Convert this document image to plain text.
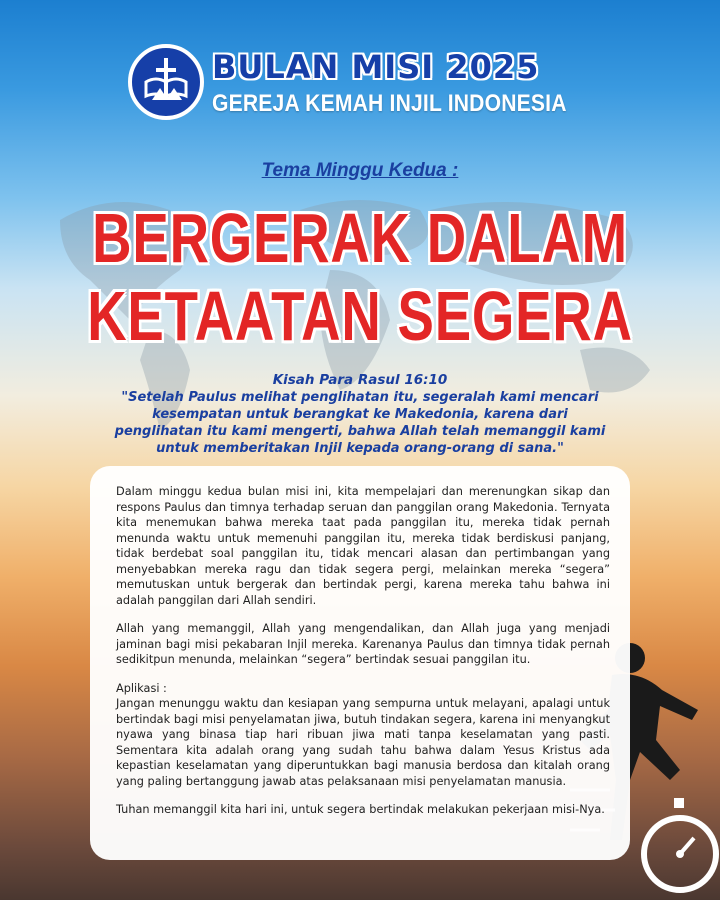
BULAN MISI 2025
GEREJA KEMAH INJIL INDONESIA
Tema Minggu Kedua :
BERGERAK DALAM
KETAATAN SEGERA
Kisah Para Rasul 16:10
"Setelah Paulus melihat penglihatan itu, segeralah kami mencari
kesempatan untuk berangkat ke Makedonia, karena dari
penglihatan itu kami mengerti, bahwa Allah telah memanggil kami
untuk memberitakan Injil kepada orang-orang di sana."

Dalam minggu kedua bulan misi ini, kita mempelajari dan merenungkan sikap dan respons Paulus dan timnya terhadap seruan dan panggilan orang Makedonia. Ternyata kita menemukan bahwa mereka taat pada panggilan itu, mereka tidak pernah menunda waktu untuk memenuhi panggilan itu, mereka tidak berdiskusi panjang, tidak berdebat soal panggilan itu, tidak mencari alasan dan pertimbangan yang menyebabkan mereka ragu dan tidak segera pergi, melainkan mereka “segera” memutuskan untuk bergerak dan bertindak pergi, karena mereka tahu bahwa ini adalah panggilan dari Allah sendiri.

Allah yang memanggil, Allah yang mengendalikan, dan Allah juga yang menjadi jaminan bagi misi pekabaran Injil mereka. Karenanya Paulus dan timnya tidak pernah sedikitpun menunda, melainkan “segera” bertindak sesuai panggilan itu.

Aplikasi :

Jangan menunggu waktu dan kesiapan yang sempurna untuk melayani, apalagi untuk bertindak bagi misi penyelamatan jiwa, butuh tindakan segera, karena ini menyangkut nyawa yang binasa tiap hari ribuan jiwa mati tanpa keselamatan yang pasti. Sementara kita adalah orang yang sudah tahu bahwa dalam Yesus Kristus ada kepastian keselamatan yang diperuntukkan bagi manusia berdosa dan kitalah orang yang paling bertanggung jawab atas pelaksanaan misi penyelamatan manusia.

Tuhan memanggil kita hari ini, untuk segera bertindak melakukan pekerjaan misi-Nya.
